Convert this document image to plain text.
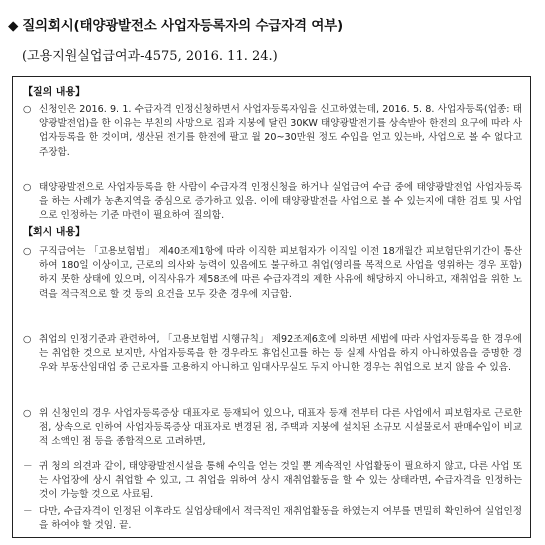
◆ 질의회시(태양광발전소 사업자등록자의 수급자격 여부)
(고용지원실업급여과-4575, 2016. 11. 24.)
【질의 내용】
○ 신청인은 2016. 9. 1. 수급자격 인정신청하면서 사업자등록자임을 신고하였는데, 2016. 5. 8. 사업자등록(업종: 태양광발전업)을 한 이유는 부친의 사망으로 집과 지붕에 달린 30KW 태양광발전기를 상속받아 한전의 요구에 따라 사업자등록을 한 것이며, 생산된 전기를 한전에 팔고 월 20~30만원 정도 수입을 얻고 있는바, 사업으로 볼 수 없다고 주장함.
○ 태양광발전으로 사업자등록을 한 사람이 수급자격 인정신청을 하거나 실업급여 수급 중에 태양광발전업 사업자등록을 하는 사례가 농촌지역을 중심으로 증가하고 있음. 이에 태양광발전을 사업으로 볼 수 있는지에 대한 검토 및 사업으로 인정하는 기준 마련이 필요하여 질의함.
【회시 내용】
○ 구직급여는 「고용보험법」 제40조제1항에 따라 이직한 피보험자가 이직일 이전 18개월간 피보험단위기간이 통산하여 180일 이상이고, 근로의 의사와 능력이 있음에도 불구하고 취업(영리를 목적으로 사업을 영위하는 경우 포함)하지 못한 상태에 있으며, 이직사유가 제58조에 따른 수급자격의 제한 사유에 해당하지 아니하고, 재취업을 위한 노력을 적극적으로 할 것 등의 요건을 모두 갖춘 경우에 지급함.
○ 취업의 인정기준과 관련하여, 「고용보험법 시행규칙」 제92조제6호에 의하면 세법에 따라 사업자등록을 한 경우에는 취업한 것으로 보지만, 사업자등록을 한 경우라도 휴업신고를 하는 등 실제 사업을 하지 아니하였음을 증명한 경우와 부동산임대업 중 근로자를 고용하지 아니하고 임대사무실도 두지 아니한 경우는 취업으로 보지 않을 수 있음.
○ 위 신청인의 경우 사업자등록증상 대표자로 등재되어 있으나, 대표자 등재 전부터 다른 사업에서 피보험자로 근로한 점, 상속으로 인하여 사업자등록증상 대표자로 변경된 점, 주택과 지붕에 설치된 소규모 시설물로서 판매수입이 비교적 소액인 점 등을 종합적으로 고려하면,
－ 귀 청의 의견과 같이, 태양광발전시설을 통해 수익을 얻는 것일 뿐 계속적인 사업활동이 필요하지 않고, 다른 사업 또는 사업장에 상시 취업할 수 있고, 그 취업을 위하여 상시 재취업활동을 할 수 있는 상태라면, 수급자격을 인정하는 것이 가능할 것으로 사료됨.
－ 다만, 수급자격이 인정된 이후라도 실업상태에서 적극적인 재취업활동을 하였는지 여부를 면밀히 확인하여 실업인정을 하여야 할 것임. 끝.
